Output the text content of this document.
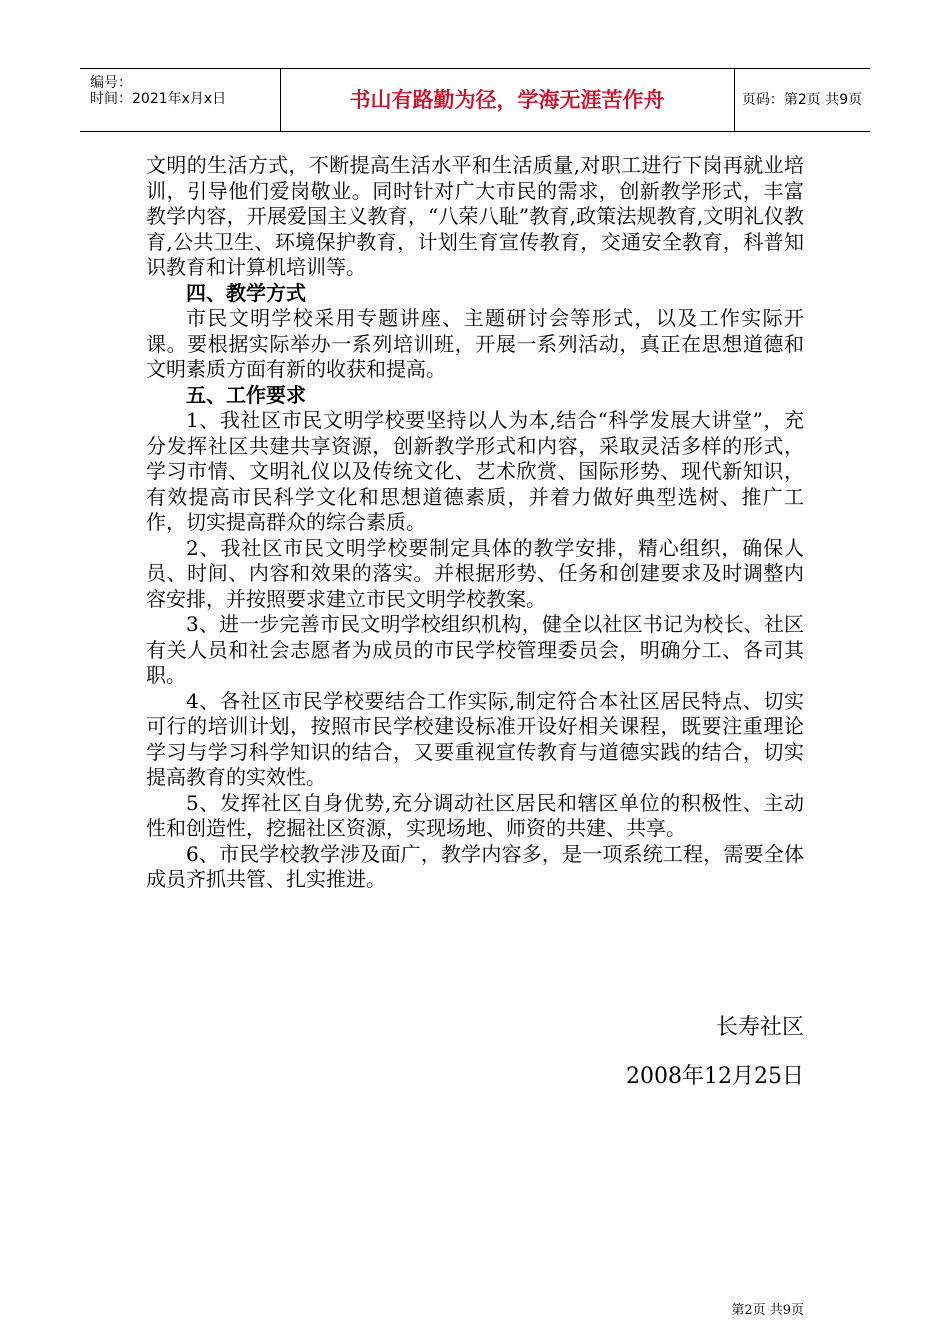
编号：
时间：2021年x月x日	书山有路勤为径，学海无涯苦作舟	页码：第2页 共9页

文明的生活方式，不断提高生活水平和生活质量,对职工进行下岗再就业培训，引导他们爱岗敬业。同时针对广大市民的需求，创新教学形式，丰富教学内容，开展爱国主义教育，“八荣八耻”教育,政策法规教育,文明礼仪教育,公共卫生、环境保护教育，计划生育宣传教育，交通安全教育，科普知识教育和计算机培训等。

四、教学方式

市民文明学校采用专题讲座、主题研讨会等形式，以及工作实际开课。要根据实际举办一系列培训班，开展一系列活动，真正在思想道德和文明素质方面有新的收获和提高。

五、工作要求

1、我社区市民文明学校要坚持以人为本,结合“科学发展大讲堂”，充分发挥社区共建共享资源，创新教学形式和内容，采取灵活多样的形式，学习市情、文明礼仪以及传统文化、艺术欣赏、国际形势、现代新知识，有效提高市民科学文化和思想道德素质，并着力做好典型选树、推广工作，切实提高群众的综合素质。

2、我社区市民文明学校要制定具体的教学安排，精心组织，确保人员、时间、内容和效果的落实。并根据形势、任务和创建要求及时调整内容安排，并按照要求建立市民文明学校教案。

3、进一步完善市民文明学校组织机构，健全以社区书记为校长、社区有关人员和社会志愿者为成员的市民学校管理委员会，明确分工、各司其职。

4、各社区市民学校要结合工作实际,制定符合本社区居民特点、切实可行的培训计划，按照市民学校建设标准开设好相关课程，既要注重理论学习与学习科学知识的结合，又要重视宣传教育与道德实践的结合，切实提高教育的实效性。

5、发挥社区自身优势,充分调动社区居民和辖区单位的积极性、主动性和创造性，挖掘社区资源，实现场地、师资的共建、共享。

6、市民学校教学涉及面广，教学内容多，是一项系统工程，需要全体成员齐抓共管、扎实推进。

长寿社区
2008年12月25日
第2页 共9页
